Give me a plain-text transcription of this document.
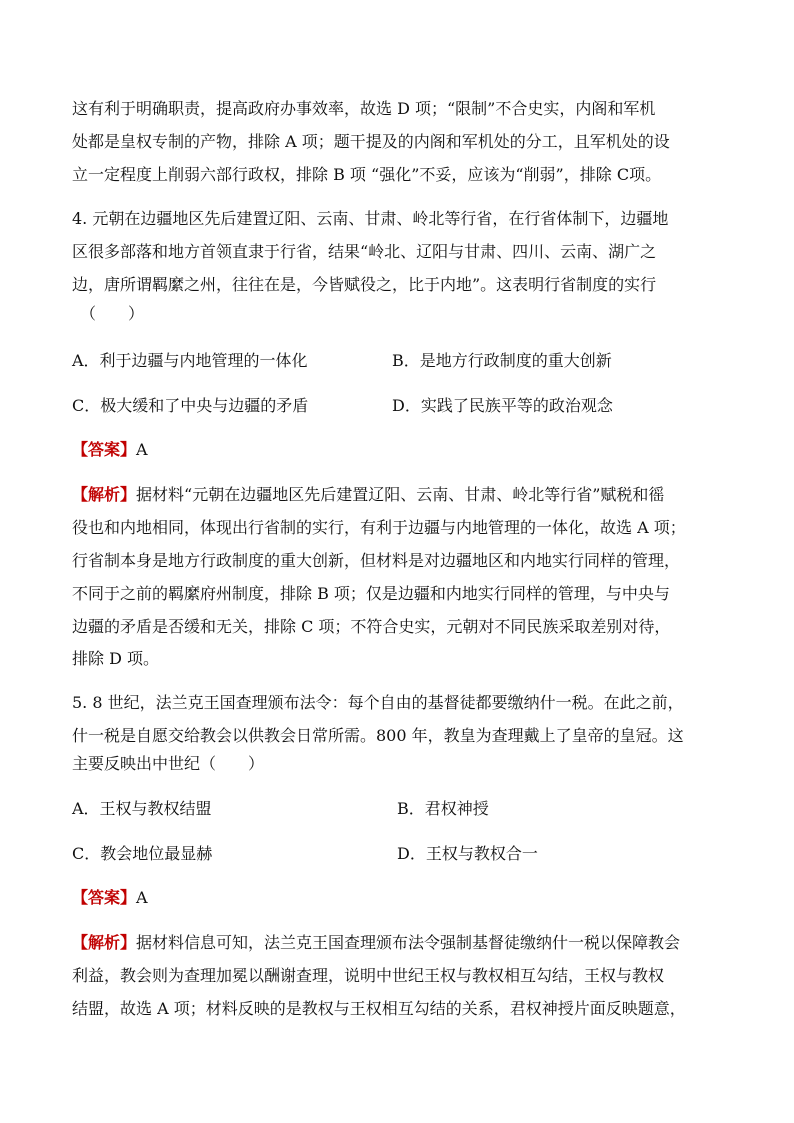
这有利于明确职责，提高政府办事效率，故选 D 项；“限制”不合史实，内阁和军机
处都是皇权专制的产物，排除 A 项；题干提及的内阁和军机处的分工，且军机处的设
立一定程度上削弱六部行政权，排除 B 项 “强化”不妥，应该为“削弱”，排除 C项。
4. 元朝在边疆地区先后建置辽阳、云南、甘肃、岭北等行省，在行省体制下，边疆地
区很多部落和地方首领直隶于行省，结果“岭北、辽阳与甘肃、四川、云南、湖广之
边，唐所谓羁縻之州，往往在是，今皆赋役之，比于内地”。这表明行省制度的实行
（　　）
A．利于边疆与内地管理的一体化	B．是地方行政制度的重大创新
C．极大缓和了中央与边疆的矛盾	D．实践了民族平等的政治观念
【答案】A
【解析】据材料“元朝在边疆地区先后建置辽阳、云南、甘肃、岭北等行省”赋税和徭
役也和内地相同，体现出行省制的实行，有利于边疆与内地管理的一体化，故选 A 项；
行省制本身是地方行政制度的重大创新，但材料是对边疆地区和内地实行同样的管理，
不同于之前的羁縻府州制度，排除 B 项；仅是边疆和内地实行同样的管理，与中央与
边疆的矛盾是否缓和无关，排除 C 项；不符合史实，元朝对不同民族采取差别对待，
排除 D 项。
5. 8 世纪，法兰克王国查理颁布法令：每个自由的基督徒都要缴纳什一税。在此之前，
什一税是自愿交给教会以供教会日常所需。800 年，教皇为查理戴上了皇帝的皇冠。这
主要反映出中世纪（　　）
A．王权与教权结盟	B．君权神授
C．教会地位最显赫	D．王权与教权合一
【答案】A
【解析】据材料信息可知，法兰克王国查理颁布法令强制基督徒缴纳什一税以保障教会
利益，教会则为查理加冕以酬谢查理，说明中世纪王权与教权相互勾结，王权与教权
结盟，故选 A 项；材料反映的是教权与王权相互勾结的关系，君权神授片面反映题意，
